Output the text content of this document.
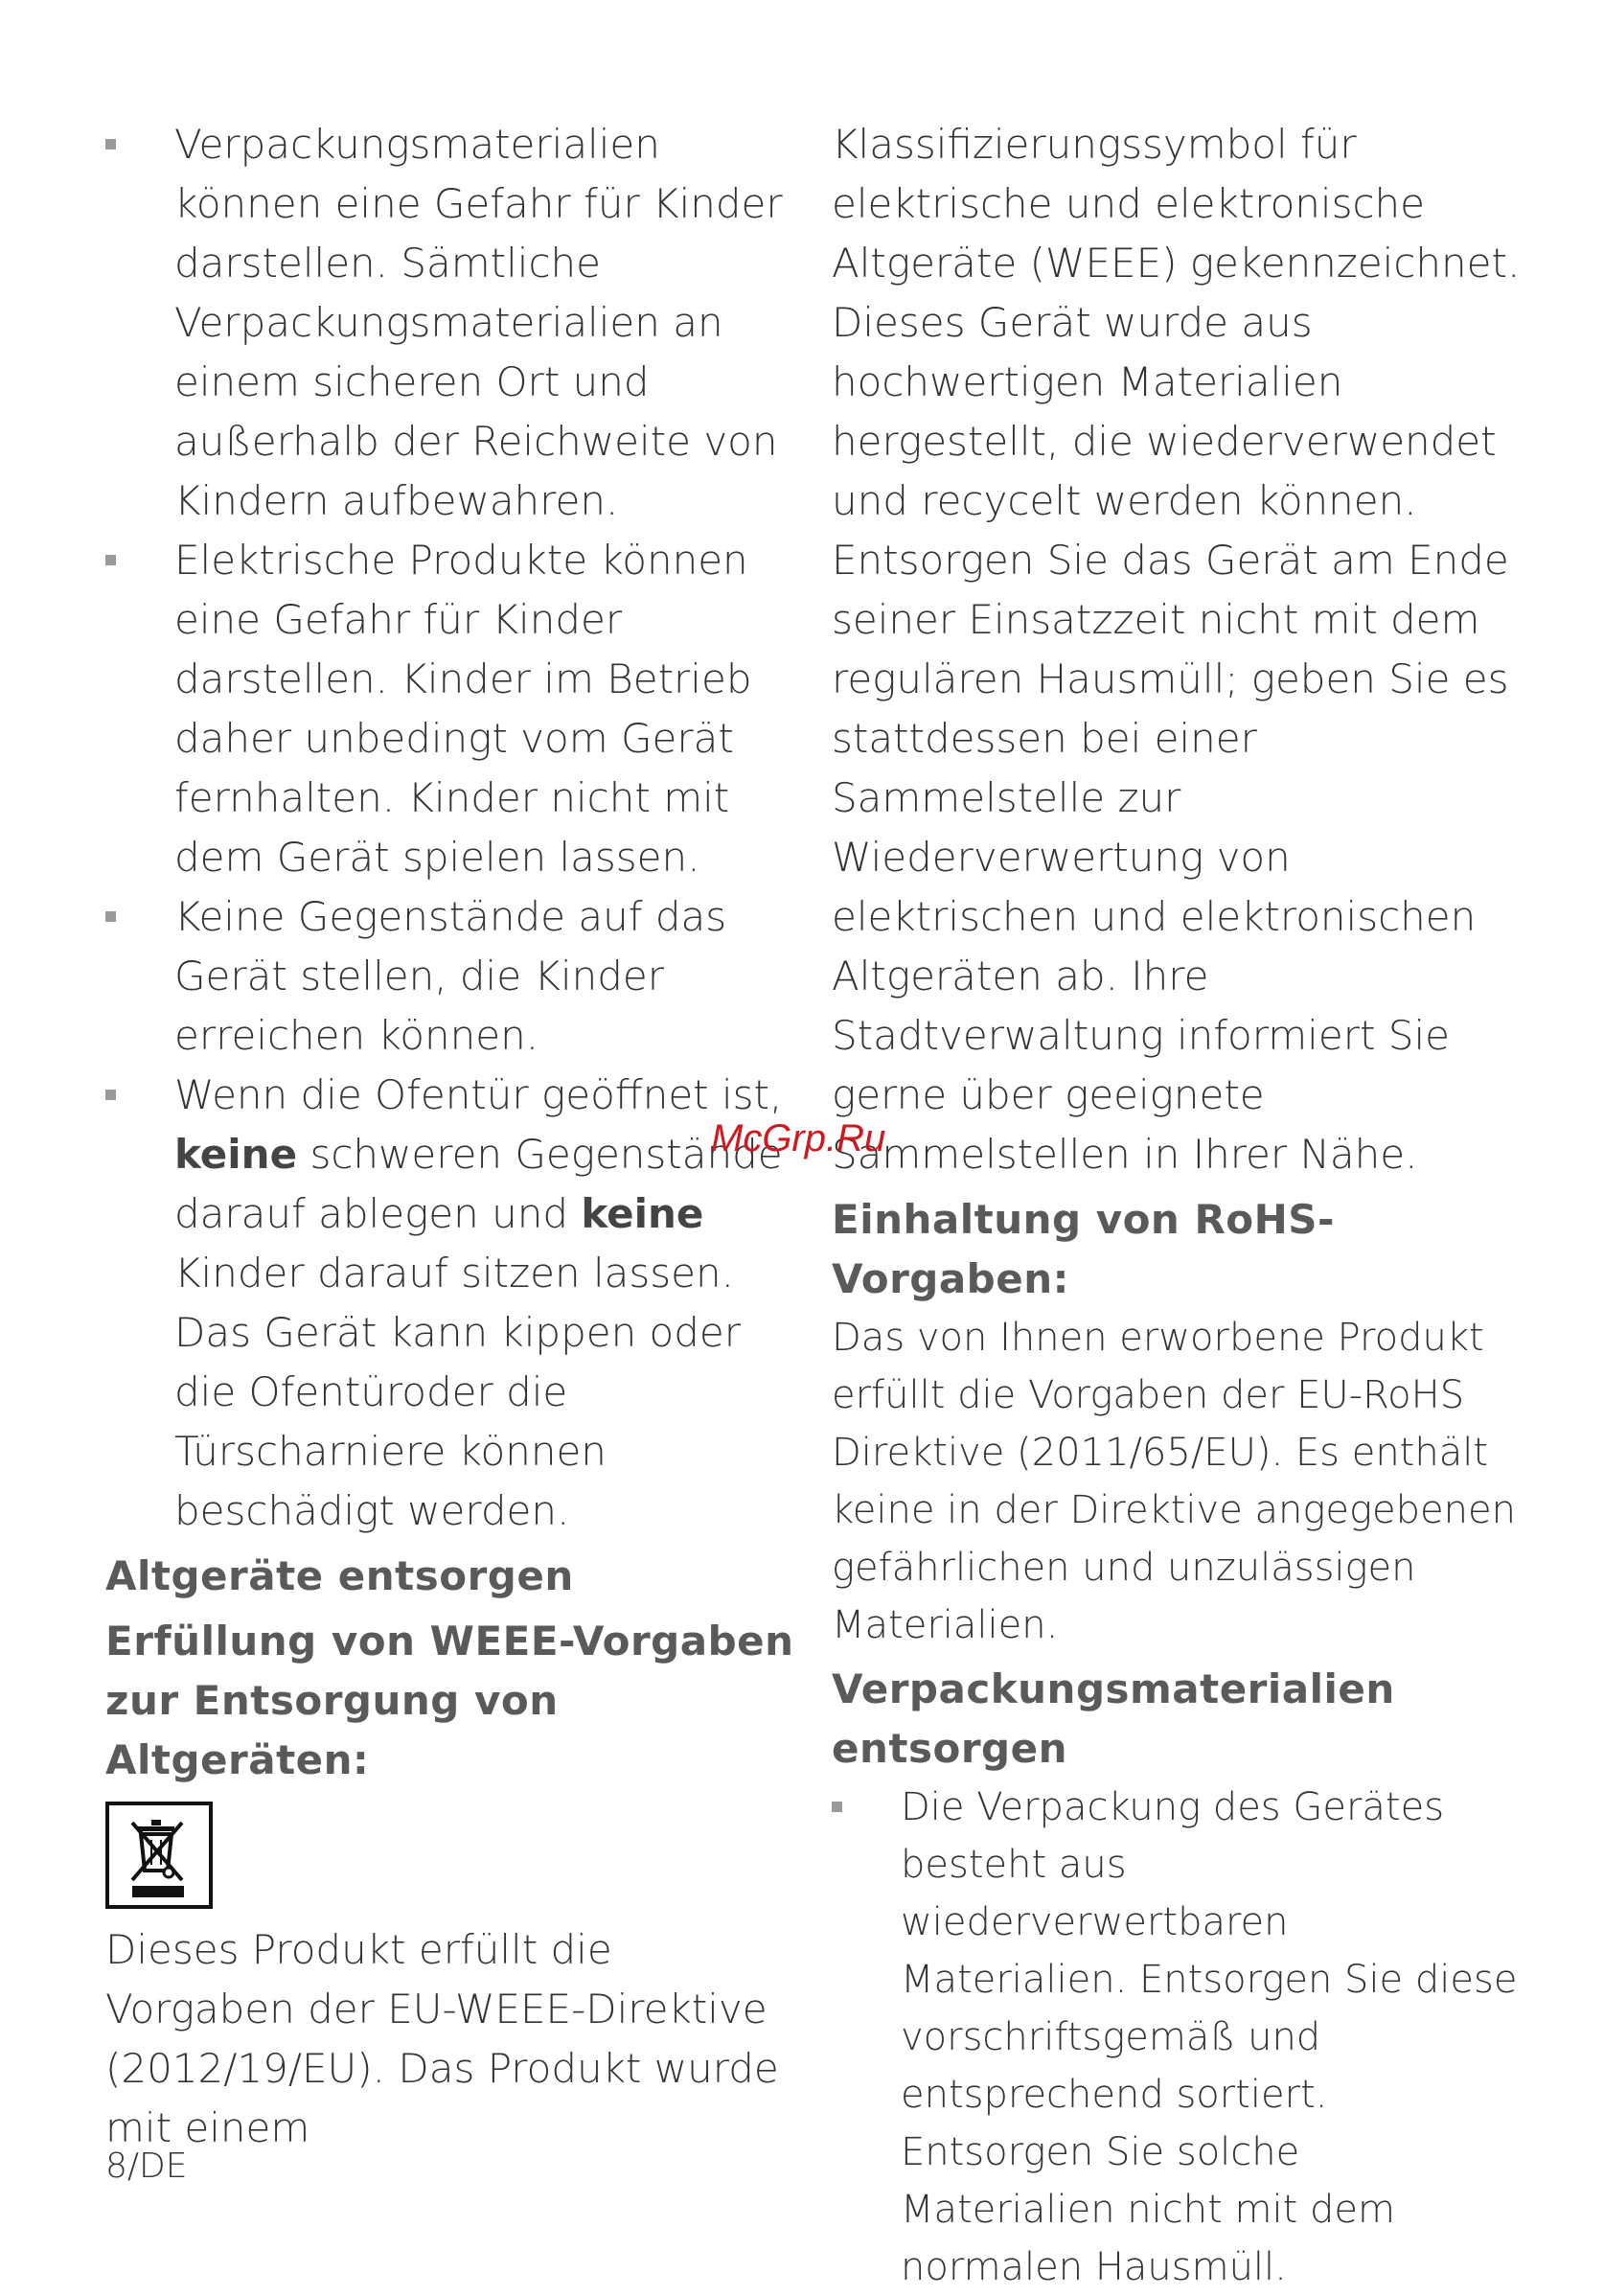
Verpackungsmaterialien können eine Gefahr für Kinder darstellen. Sämtliche Verpackungsmaterialien an einem sicheren Ort und außerhalb der Reichweite von Kindern aufbewahren.
Elektrische Produkte können eine Gefahr für Kinder darstellen. Kinder im Betrieb daher unbedingt vom Gerät fernhalten. Kinder nicht mit dem Gerät spielen lassen.
Keine Gegenstände auf das Gerät stellen, die Kinder erreichen können.
Wenn die Ofentür geöffnet ist, keine schweren Gegenstände darauf ablegen und keine Kinder darauf sitzen lassen. Das Gerät kann kippen oder die Ofentüroder die Türscharniere können beschädigt werden.
Altgeräte entsorgen
Erfüllung von WEEE-Vorgaben zur Entsorgung von Altgeräten:

Dieses Produkt erfüllt die Vorgaben der EU-WEEE-Direktive (2012/19/EU). Das Produkt wurde mit einem

Klassifizierungssymbol für elektrische und elektronische Altgeräte (WEEE) gekennzeichnet. Dieses Gerät wurde aus hochwertigen Materialien hergestellt, die wiederverwendet und recycelt werden können. Entsorgen Sie das Gerät am Ende seiner Einsatzzeit nicht mit dem regulären Hausmüll; geben Sie es stattdessen bei einer Sammelstelle zur Wiederverwertung von elektrischen und elektronischen Altgeräten ab. Ihre Stadtverwaltung informiert Sie gerne über geeignete Sammelstellen in Ihrer Nähe.

Einhaltung von RoHS-Vorgaben:

Das von Ihnen erworbene Produkt erfüllt die Vorgaben der EU-RoHS Direktive (2011/65/EU). Es enthält keine in der Direktive angegebenen gefährlichen und unzulässigen Materialien.

Verpackungsmaterialien entsorgen
Die Verpackung des Gerätes besteht aus wiederverwertbaren Materialien. Entsorgen Sie diese vorschriftsgemäß und entsprechend sortiert. Entsorgen Sie solche Materialien nicht mit dem normalen Hausmüll.
McGrp.Ru
8/DE
